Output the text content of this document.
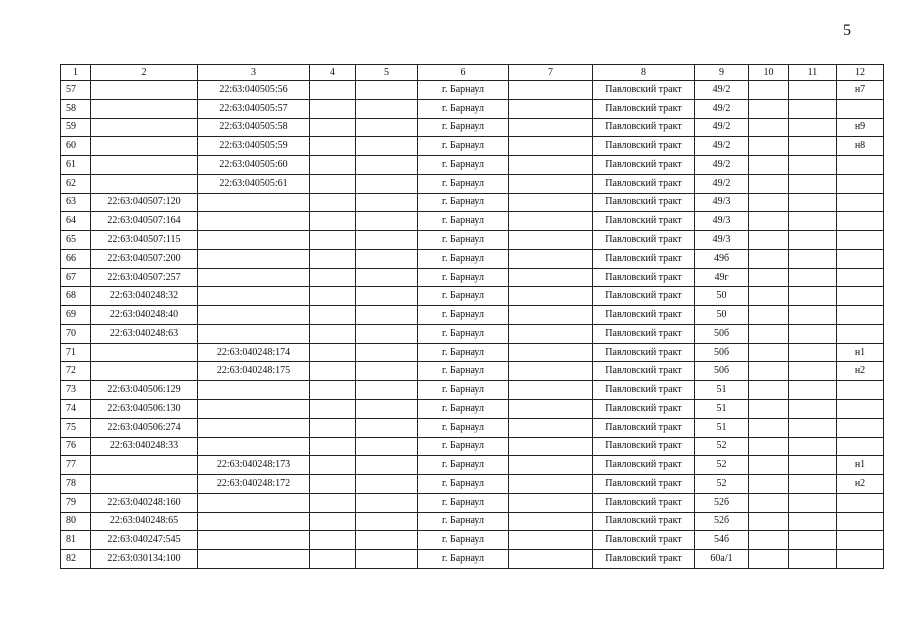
5
1	2	3	4	5	6	7	8	9	10	11	12
57		22:63:040505:56			г. Барнаул		Павловский тракт	49/2			н7
58		22:63:040505:57			г. Барнаул		Павловский тракт	49/2			
59		22:63:040505:58			г. Барнаул		Павловский тракт	49/2			н9
60		22:63:040505:59			г. Барнаул		Павловский тракт	49/2			н8
61		22:63:040505:60			г. Барнаул		Павловский тракт	49/2			
62		22:63:040505:61			г. Барнаул		Павловский тракт	49/2			
63	22:63:040507:120				г. Барнаул		Павловский тракт	49/3			
64	22:63:040507:164				г. Барнаул		Павловский тракт	49/3			
65	22:63:040507:115				г. Барнаул		Павловский тракт	49/3			
66	22:63:040507:200				г. Барнаул		Павловский тракт	49б			
67	22:63:040507:257				г. Барнаул		Павловский тракт	49г			
68	22:63:040248:32				г. Барнаул		Павловский тракт	50			
69	22:63:040248:40				г. Барнаул		Павловский тракт	50			
70	22:63:040248:63				г. Барнаул		Павловский тракт	50б			
71		22:63:040248:174			г. Барнаул		Павловский тракт	50б			н1
72		22:63:040248:175			г. Барнаул		Павловский тракт	50б			н2
73	22:63:040506:129				г. Барнаул		Павловский тракт	51			
74	22:63:040506:130				г. Барнаул		Павловский тракт	51			
75	22:63:040506:274				г. Барнаул		Павловский тракт	51			
76	22:63:040248:33				г. Барнаул		Павловский тракт	52			
77		22:63:040248:173			г. Барнаул		Павловский тракт	52			н1
78		22:63:040248:172			г. Барнаул		Павловский тракт	52			н2
79	22:63:040248:160				г. Барнаул		Павловский тракт	52б			
80	22:63:040248:65				г. Барнаул		Павловский тракт	52б			
81	22:63:040247:545				г. Барнаул		Павловский тракт	54б			
82	22:63:030134:100				г. Барнаул		Павловский тракт	60а/1			
